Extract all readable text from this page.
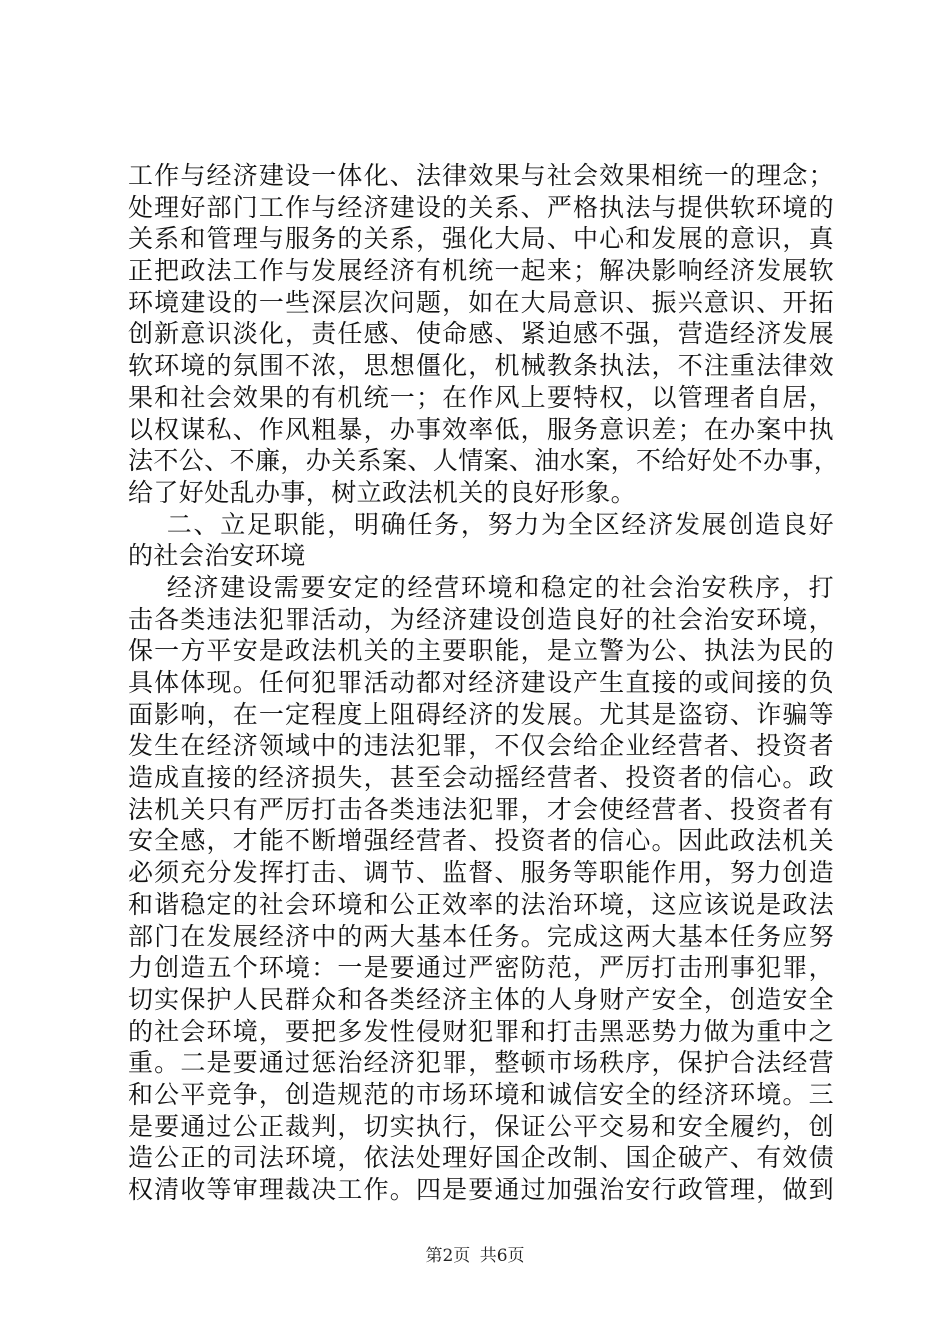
工作与经济建设一体化、法律效果与社会效果相统一的理念；
处理好部门工作与经济建设的关系、严格执法与提供软环境的
关系和管理与服务的关系，强化大局、中心和发展的意识，真
正把政法工作与发展经济有机统一起来；解决影响经济发展软
环境建设的一些深层次问题，如在大局意识、振兴意识、开拓
创新意识淡化，责任感、使命感、紧迫感不强，营造经济发展
软环境的氛围不浓，思想僵化，机械教条执法，不注重法律效
果和社会效果的有机统一；在作风上要特权，以管理者自居，
以权谋私、作风粗暴，办事效率低，服务意识差；在办案中执
法不公、不廉，办关系案、人情案、油水案，不给好处不办事，
给了好处乱办事，树立政法机关的良好形象。
二、立足职能，明确任务，努力为全区经济发展创造良好
的社会治安环境
经济建设需要安定的经营环境和稳定的社会治安秩序，打
击各类违法犯罪活动，为经济建设创造良好的社会治安环境，
保一方平安是政法机关的主要职能，是立警为公、执法为民的
具体体现。任何犯罪活动都对经济建设产生直接的或间接的负
面影响，在一定程度上阻碍经济的发展。尤其是盗窃、诈骗等
发生在经济领域中的违法犯罪，不仅会给企业经营者、投资者
造成直接的经济损失，甚至会动摇经营者、投资者的信心。政
法机关只有严厉打击各类违法犯罪，才会使经营者、投资者有
安全感，才能不断增强经营者、投资者的信心。因此政法机关
必须充分发挥打击、调节、监督、服务等职能作用，努力创造
和谐稳定的社会环境和公正效率的法治环境，这应该说是政法
部门在发展经济中的两大基本任务。完成这两大基本任务应努
力创造五个环境：一是要通过严密防范，严厉打击刑事犯罪，
切实保护人民群众和各类经济主体的人身财产安全，创造安全
的社会环境，要把多发性侵财犯罪和打击黑恶势力做为重中之
重。二是要通过惩治经济犯罪，整顿市场秩序，保护合法经营
和公平竞争，创造规范的市场环境和诚信安全的经济环境。三
是要通过公正裁判，切实执行，保证公平交易和安全履约，创
造公正的司法环境，依法处理好国企改制、国企破产、有效债
权清收等审理裁决工作。四是要通过加强治安行政管理，做到
第2页 共6页
